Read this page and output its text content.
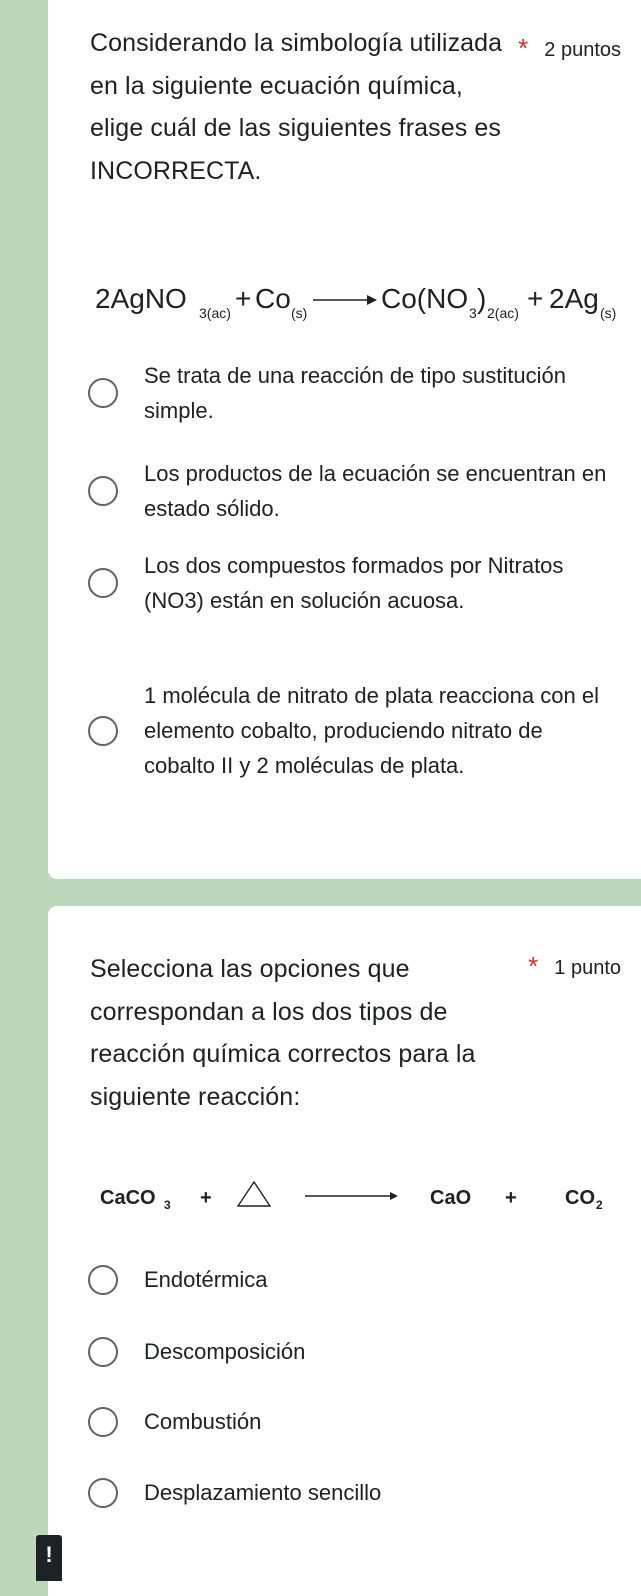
Considerando la simbología utilizada en la siguiente ecuación química, elige cuál de las siguientes frases es INCORRECTA.
* 2 puntos
2AgNO 3(ac) + Co (s)	Co(NO 3 ) 2(ac) + 2Ag (s)
Se trata de una reacción de tipo sustitución simple.
Los productos de la ecuación se encuentran en estado sólido.
Los dos compuestos formados por Nitratos (NO3) están en solución acuosa.
1 molécula de nitrato de plata reacciona con el elemento cobalto, produciendo nitrato de cobalto II y 2 moléculas de plata.
Selecciona las opciones que correspondan a los dos tipos de reacción química correctos para la siguiente reacción:
* 1 punto
CaCO 3 +	CaO + CO 2
Endotérmica
Descomposición
Combustión
Desplazamiento sencillo
!
